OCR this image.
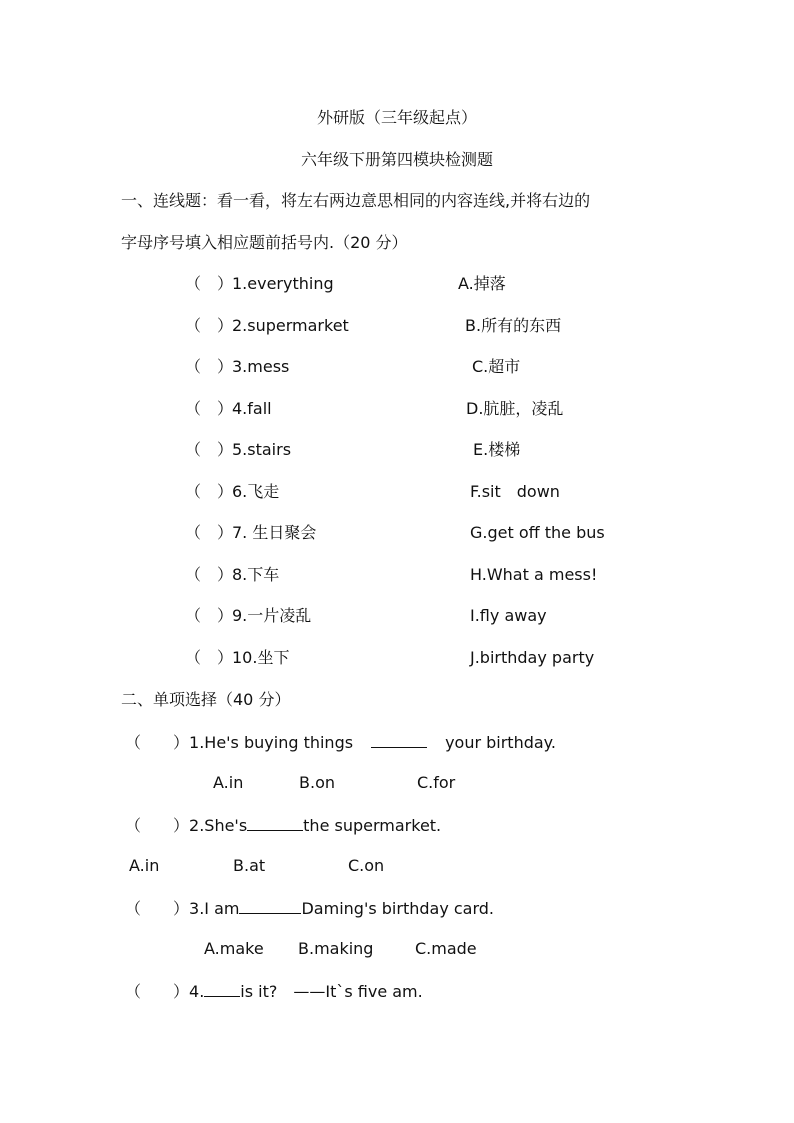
外研版（三年级起点）
六年级下册第四模块检测题
一、连线题：看一看，将左右两边意思相同的内容连线,并将右边的
字母序号填入相应题前括号内.（20 分）
（　）
1.everything	A.掉落
（　）
2.supermarket	B.所有的东西
（　）
3.mess	C.超市
（　）
4.fall	D.肮脏，凌乱
（　）
5.stairs	E.楼梯
（　）
6.飞走	F.sit　down
（　）
7. 生日聚会	G.get off the bus
（　）
8.下车	H.What a mess!
（　）
9.一片凌乱	I.fly away
（　）
10.坐下	J.birthday party
二、单项选择（40 分）
（　　）1.He's buying things	your birthday.
A.in	B.on	C.for
（　　）2.She's	the supermarket.
A.in	B.at	C.on
（　　）3.I am	Daming's birthday card.
A.make B.making	C.made
（　　）4. is it?　——It`s five am.
